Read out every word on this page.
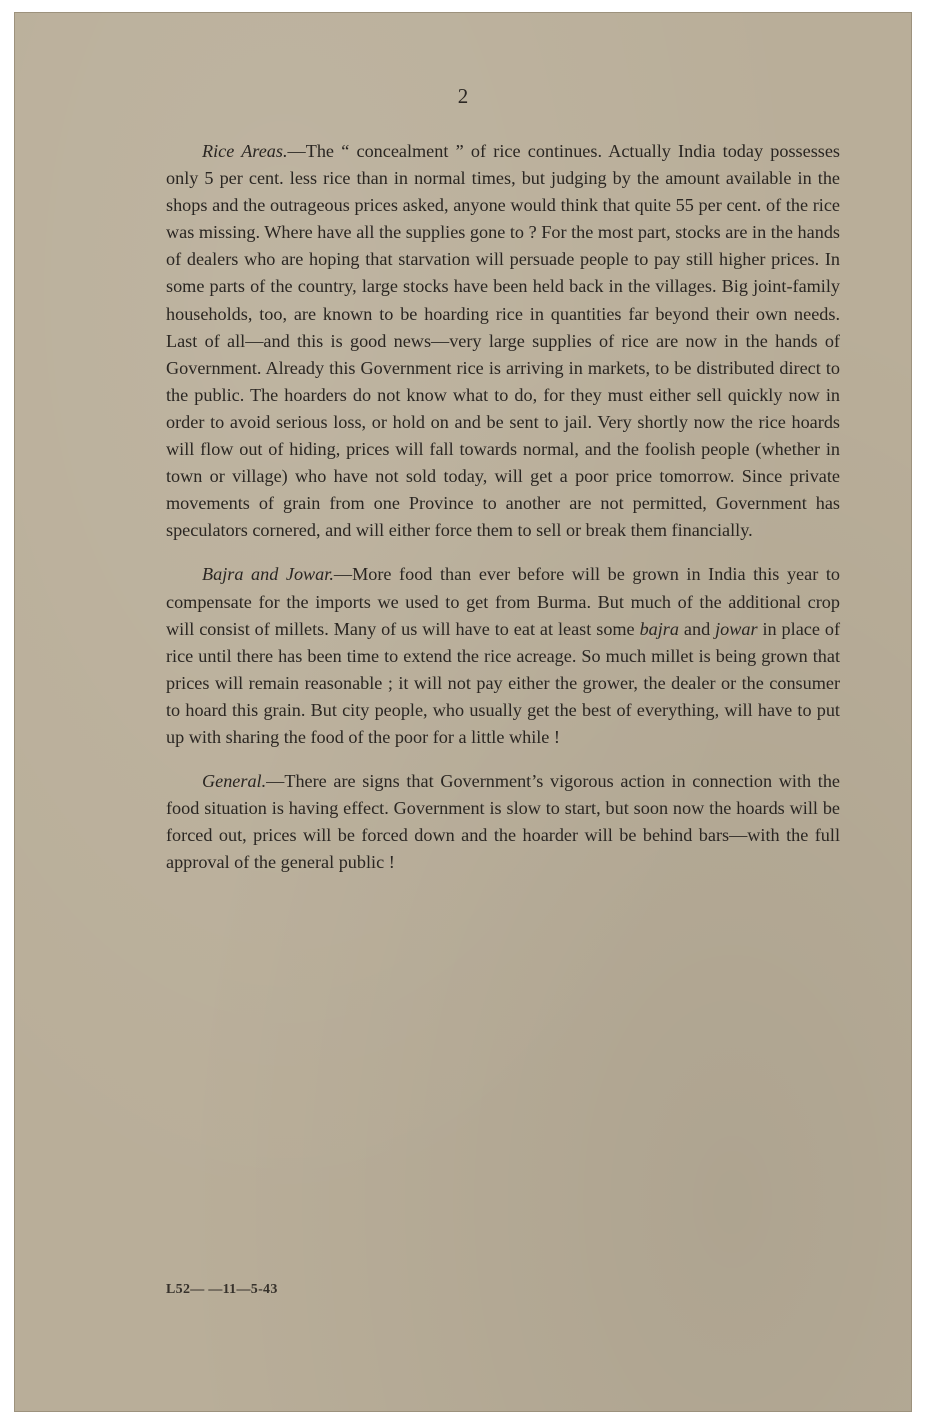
2

Rice Areas.—The “ concealment ” of rice continues. Actually India today possesses only 5 per cent. less rice than in normal times, but judging by the amount available in the shops and the outrageous prices asked, anyone would think that quite 55 per cent. of the rice was missing. Where have all the supplies gone to ? For the most part, stocks are in the hands of dealers who are hoping that starvation will persuade people to pay still higher prices. In some parts of the country, large stocks have been held back in the villages. Big joint-family households, too, are known to be hoarding rice in quantities far beyond their own needs. Last of all—and this is good news—very large supplies of rice are now in the hands of Government. Already this Government rice is arriving in markets, to be distributed direct to the public. The hoarders do not know what to do, for they must either sell quickly now in order to avoid serious loss, or hold on and be sent to jail. Very shortly now the rice hoards will flow out of hiding, prices will fall towards normal, and the foolish people (whether in town or village) who have not sold today, will get a poor price tomorrow. Since private movements of grain from one Province to another are not permitted, Government has speculators cornered, and will either force them to sell or break them financially.

Bajra and Jowar.—More food than ever before will be grown in India this year to compensate for the imports we used to get from Burma. But much of the additional crop will consist of millets. Many of us will have to eat at least some bajra and jowar in place of rice until there has been time to extend the rice acreage. So much millet is being grown that prices will remain reasonable ; it will not pay either the grower, the dealer or the consumer to hoard this grain. But city people, who usually get the best of everything, will have to put up with sharing the food of the poor for a little while !

General.—There are signs that Government’s vigorous action in connection with the food situation is having effect. Government is slow to start, but soon now the hoards will be forced out, prices will be forced down and the hoarder will be behind bars—with the full approval of the general public !

L52— —11—5-43
